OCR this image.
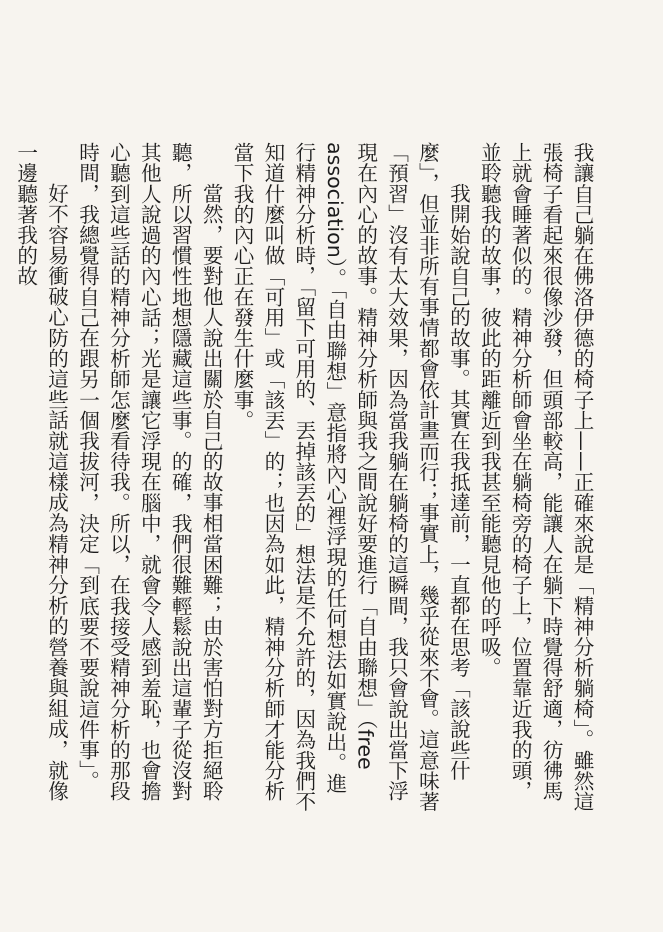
我讓自己躺在佛洛伊德的椅子上——正確來說是「精神分析躺椅」。雖然這張椅子看起來很像沙發，但頭部較高，能讓人在躺下時覺得舒適，彷彿馬上就會睡著似的。精神分析師會坐在躺椅旁的椅子上，位置靠近我的頭，並聆聽我的故事，彼此的距離近到我甚至能聽見他的呼吸。

我開始說自己的故事。其實在我抵達前，一直都在思考「該說些什麼」，但並非所有事情都會依計畫而行；事實上，幾乎從來不會。這意味著「預習」沒有太大效果，因為當我躺在躺椅的這瞬間，我只會說出當下浮現在內心的故事。精神分析師與我之間說好要進行「自由聯想」（free association）。「自由聯想」意指將內心裡浮現的任何想法如實說出。進行精神分析時，「留下可用的、丟掉該丟的」想法是不允許的，因為我們不知道什麼叫做「可用」或「該丟」的；也因為如此，精神分析師才能分析當下我的內心正在發生什麼事。

當然，要對他人說出關於自己的故事相當困難；由於害怕對方拒絕聆聽，所以習慣性地想隱藏這些事。的確，我們很難輕鬆說出這輩子從沒對其他人說過的內心話；光是讓它浮現在腦中，就會令人感到羞恥，也會擔心聽到這些話的精神分析師怎麼看待我。所以，在我接受精神分析的那段時間，我總覺得自己在跟另一個我拔河，決定「到底要不要說這件事」。

好不容易衝破心防的這些話就這樣成為精神分析的營養與組成，就像一邊聽著我的故
